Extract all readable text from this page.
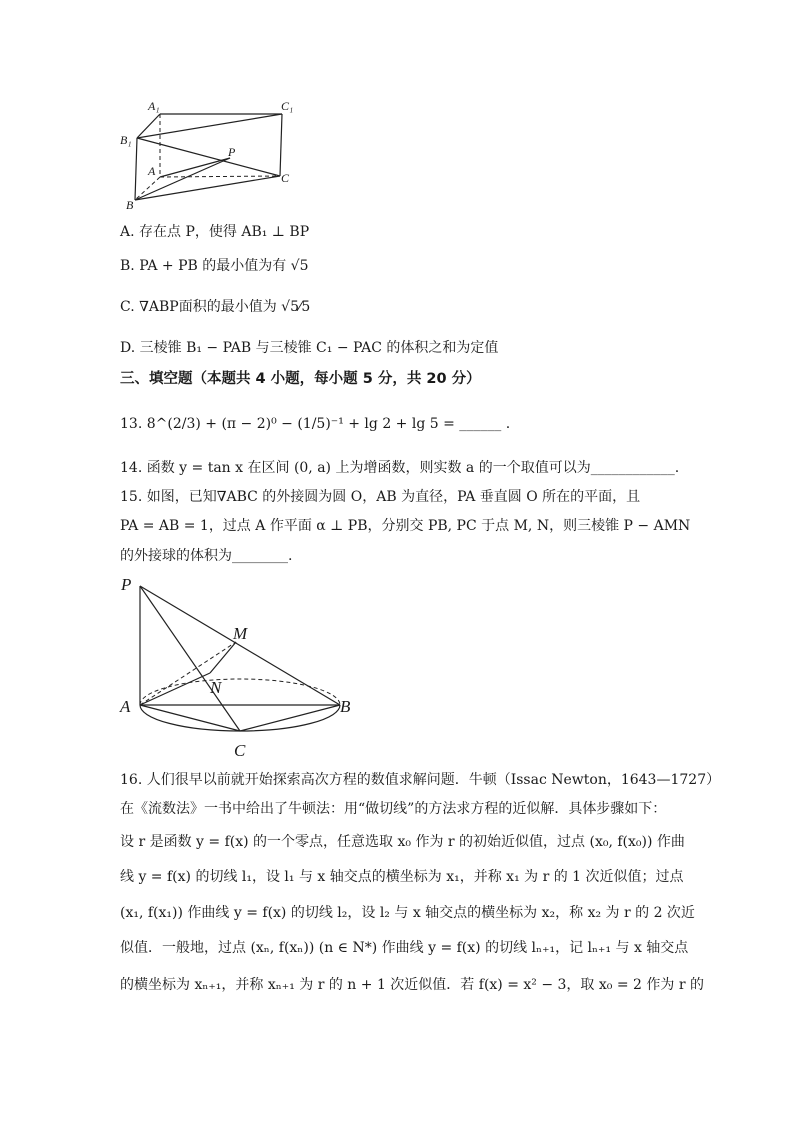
A₁	C₁
B₁
P
A	C
B
A. 存在点 P，使得 AB₁ ⊥ BP
B. PA + PB 的最小值为有 √5
C. ∇ABP面积的最小值为 √5⁄5
D. 三棱锥 B₁ − PAB 与三棱锥 C₁ − PAC 的体积之和为定值
三、填空题（本题共 4 小题，每小题 5 分，共 20 分）
13. 8^(2/3) + (π − 2)⁰ − (1/5)⁻¹ + lg 2 + lg 5 = ______ .
14. 函数 y = tan x 在区间 (0, a) 上为增函数，则实数 a 的一个取值可以为____________.
15. 如图，已知∇ABC 的外接圆为圆 O，AB 为直径，PA 垂直圆 O 所在的平面，且
PA = AB = 1，过点 A 作平面 α ⊥ PB，分别交 PB, PC 于点 M, N，则三棱锥 P − AMN
的外接球的体积为________.
P
M
N
A	B
C
16. 人们很早以前就开始探索高次方程的数值求解问题．牛顿（Issac Newton，1643—1727）
在《流数法》一书中给出了牛顿法：用“做切线”的方法求方程的近似解．具体步骤如下：
设 r 是函数 y = f(x) 的一个零点，任意选取 x₀ 作为 r 的初始近似值，过点 (x₀, f(x₀)) 作曲
线 y = f(x) 的切线 l₁，设 l₁ 与 x 轴交点的横坐标为 x₁，并称 x₁ 为 r 的 1 次近似值；过点
(x₁, f(x₁)) 作曲线 y = f(x) 的切线 l₂，设 l₂ 与 x 轴交点的横坐标为 x₂，称 x₂ 为 r 的 2 次近
似值．一般地，过点 (xₙ, f(xₙ)) (n ∈ N*) 作曲线 y = f(x) 的切线 lₙ₊₁，记 lₙ₊₁ 与 x 轴交点
的横坐标为 xₙ₊₁，并称 xₙ₊₁ 为 r 的 n + 1 次近似值．若 f(x) = x² − 3，取 x₀ = 2 作为 r 的
